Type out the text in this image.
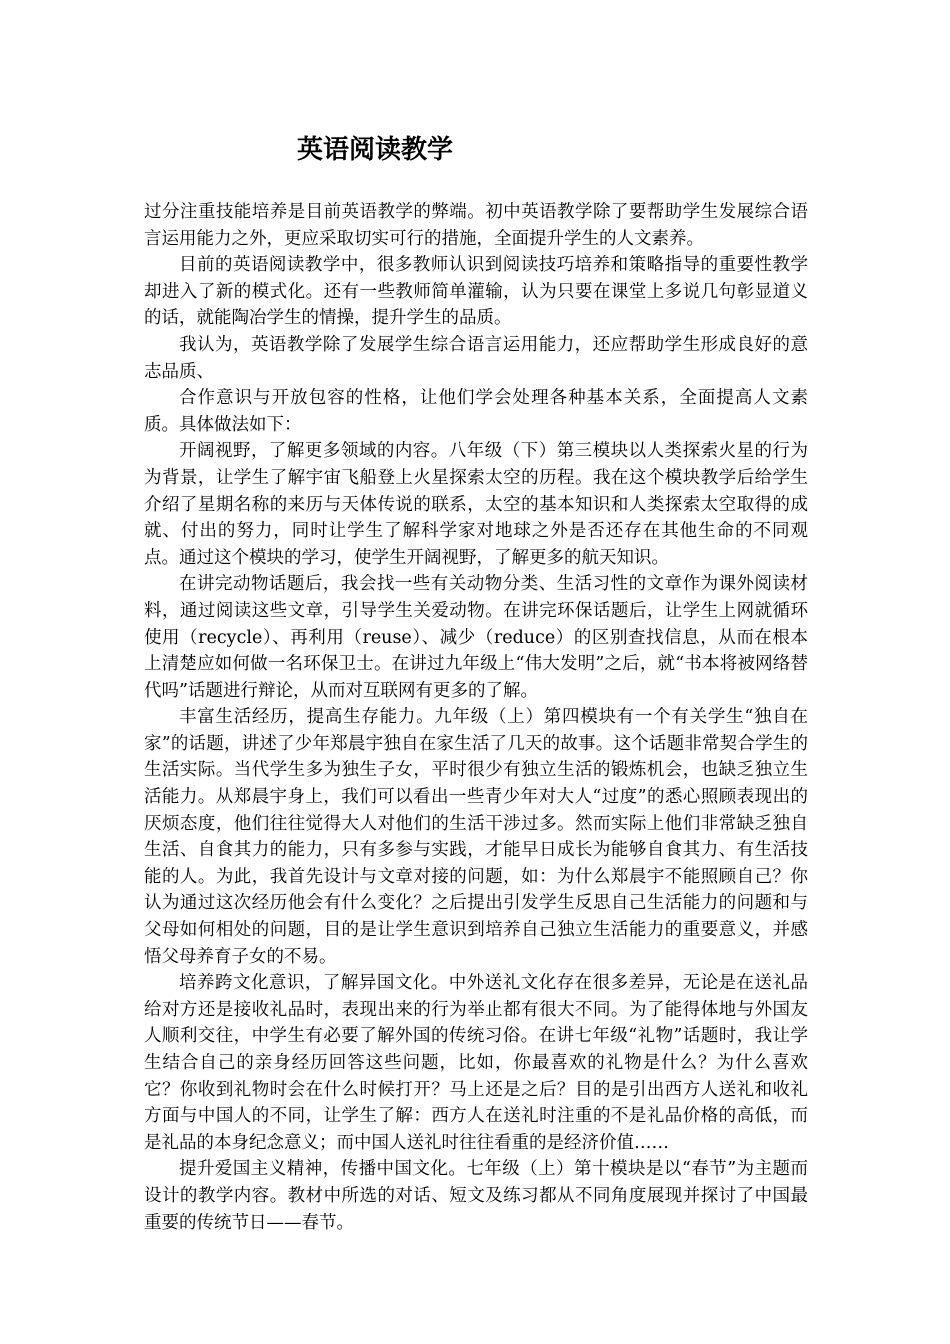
英语阅读教学

过分注重技能培养是目前英语教学的弊端。初中英语教学除了要帮助学生发展综合语言运用能力之外，更应采取切实可行的措施，全面提升学生的人文素养。

目前的英语阅读教学中，很多教师认识到阅读技巧培养和策略指导的重要性教学却进入了新的模式化。还有一些教师简单灌输，认为只要在课堂上多说几句彰显道义的话，就能陶冶学生的情操，提升学生的品质。

我认为，英语教学除了发展学生综合语言运用能力，还应帮助学生形成良好的意志品质、

合作意识与开放包容的性格，让他们学会处理各种基本关系，全面提高人文素质。具体做法如下：

开阔视野，了解更多领域的内容。八年级（下）第三模块以人类探索火星的行为为背景，让学生了解宇宙飞船登上火星探索太空的历程。我在这个模块教学后给学生介绍了星期名称的来历与天体传说的联系，太空的基本知识和人类探索太空取得的成就、付出的努力，同时让学生了解科学家对地球之外是否还存在其他生命的不同观点。通过这个模块的学习，使学生开阔视野，了解更多的航天知识。

在讲完动物话题后，我会找一些有关动物分类、生活习性的文章作为课外阅读材料，通过阅读这些文章，引导学生关爱动物。在讲完环保话题后，让学生上网就循环使用（recycle）、再利用（reuse）、减少（reduce）的区别查找信息，从而在根本上清楚应如何做一名环保卫士。在讲过九年级上“伟大发明”之后，就“书本将被网络替代吗”话题进行辩论，从而对互联网有更多的了解。

丰富生活经历，提高生存能力。九年级（上）第四模块有一个有关学生“独自在家”的话题，讲述了少年郑晨宇独自在家生活了几天的故事。这个话题非常契合学生的生活实际。当代学生多为独生子女，平时很少有独立生活的锻炼机会，也缺乏独立生活能力。从郑晨宇身上，我们可以看出一些青少年对大人“过度”的悉心照顾表现出的厌烦态度，他们往往觉得大人对他们的生活干涉过多。然而实际上他们非常缺乏独自生活、自食其力的能力，只有多参与实践，才能早日成长为能够自食其力、有生活技能的人。为此，我首先设计与文章对接的问题，如：为什么郑晨宇不能照顾自己？你认为通过这次经历他会有什么变化？之后提出引发学生反思自己生活能力的问题和与父母如何相处的问题，目的是让学生意识到培养自己独立生活能力的重要意义，并感悟父母养育子女的不易。

培养跨文化意识，了解异国文化。中外送礼文化存在很多差异，无论是在送礼品给对方还是接收礼品时，表现出来的行为举止都有很大不同。为了能得体地与外国友人顺利交往，中学生有必要了解外国的传统习俗。在讲七年级“礼物”话题时，我让学生结合自己的亲身经历回答这些问题，比如，你最喜欢的礼物是什么？为什么喜欢它？你收到礼物时会在什么时候打开？马上还是之后？目的是引出西方人送礼和收礼方面与中国人的不同，让学生了解：西方人在送礼时注重的不是礼品价格的高低，而是礼品的本身纪念意义；而中国人送礼时往往看重的是经济价值……

提升爱国主义精神，传播中国文化。七年级（上）第十模块是以“春节”为主题而设计的教学内容。教材中所选的对话、短文及练习都从不同角度展现并探讨了中国最重要的传统节日——春节。
